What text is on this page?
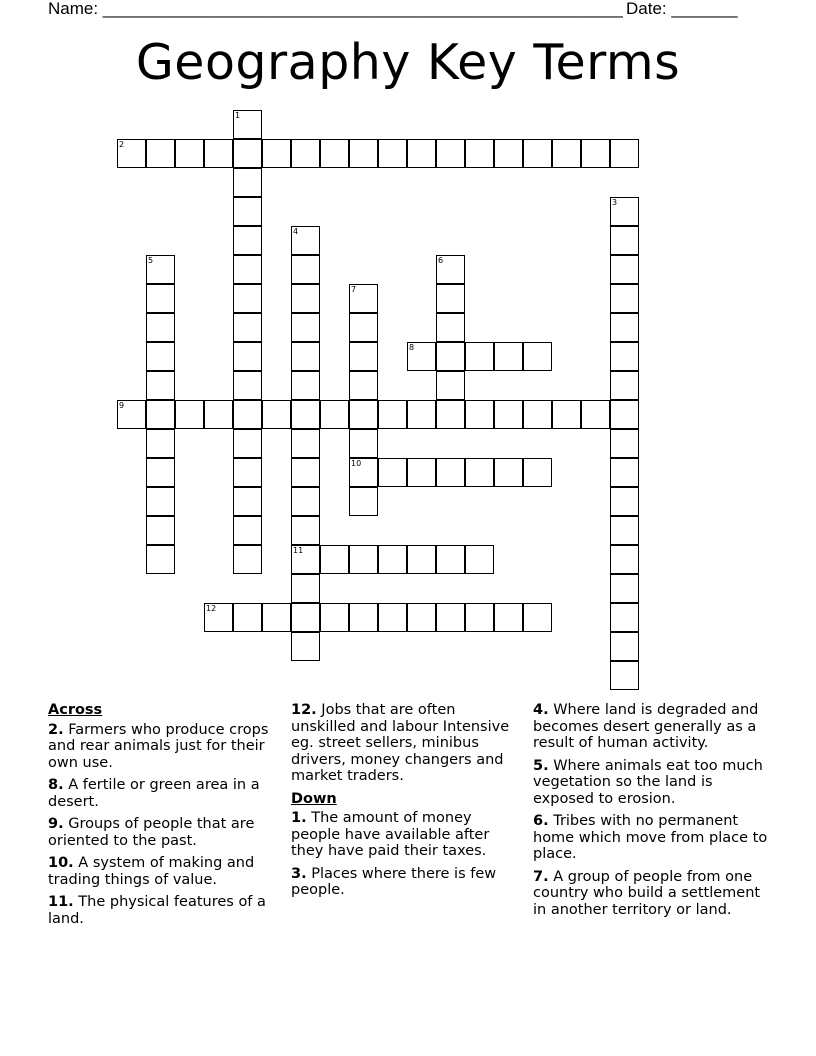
Name: _______________________________________________________ Date: _______
Geography Key Terms
1
2
3
4
11
5	6
7
10
8
9
12
Across
2. Farmers who produce crops and rear animals just for their own use.
8. A fertile or green area in a desert.
9. Groups of people that are oriented to the past.
10. A system of making and trading things of value.
11. The physical features of a land.
12. Jobs that are often unskilled and labour Intensive eg. street sellers, minibus drivers, money changers and market traders.
Down
1. The amount of money people have available after they have paid their taxes.
3. Places where there is few people.
4. Where land is degraded and becomes desert generally as a result of human activity.
5. Where animals eat too much vegetation so the land is exposed to erosion.
6. Tribes with no permanent home which move from place to place.
7. A group of people from one country who build a settlement in another territory or land.
